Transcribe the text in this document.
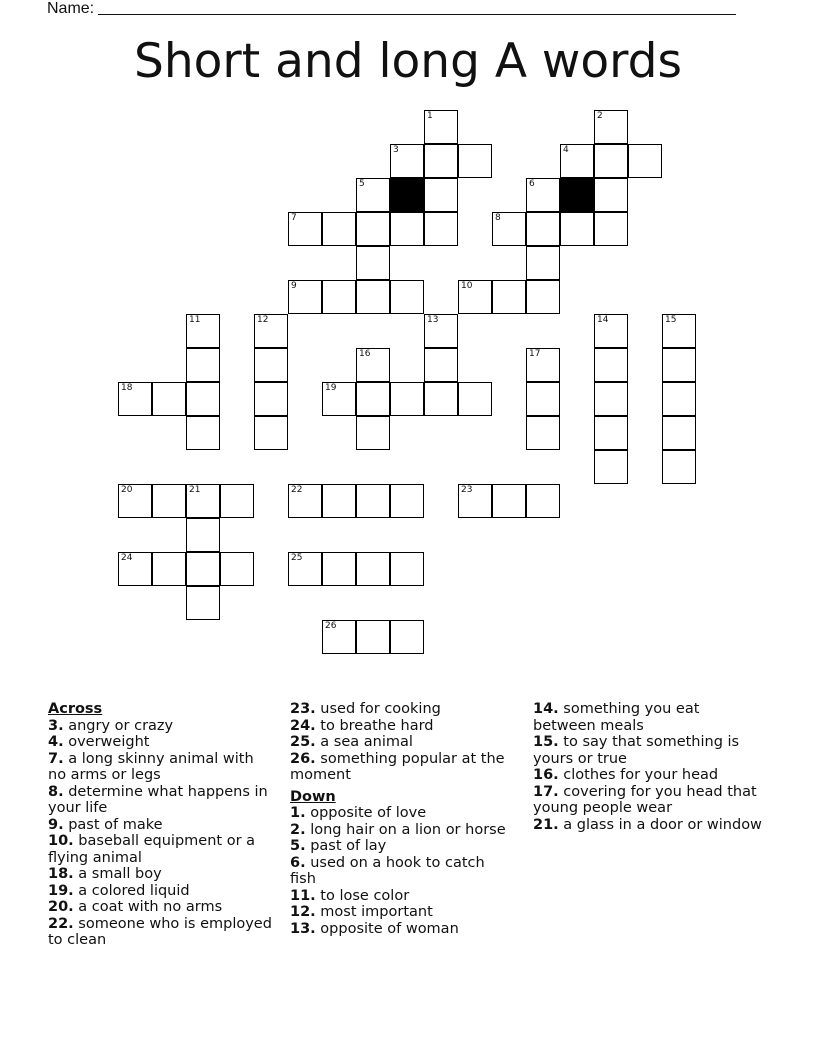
Name:
Short and long A words
1	2
3	4
5	6
7	8
9	10
11	12	13	14	15
16	17
18	19
20	21	22	23
24	25
26
Across
3. angry or crazy
4. overweight
7. a long skinny animal with no arms or legs
8. determine what happens in your life
9. past of make
10. baseball equipment or a flying animal
18. a small boy
19. a colored liquid
20. a coat with no arms
22. someone who is employed to clean
23. used for cooking
24. to breathe hard
25. a sea animal
26. something popular at the moment
Down
1. opposite of love
2. long hair on a lion or horse
5. past of lay
6. used on a hook to catch fish
11. to lose color
12. most important
13. opposite of woman
14. something you eat between meals
15. to say that something is yours or true
16. clothes for your head
17. covering for you head that young people wear
21. a glass in a door or window
